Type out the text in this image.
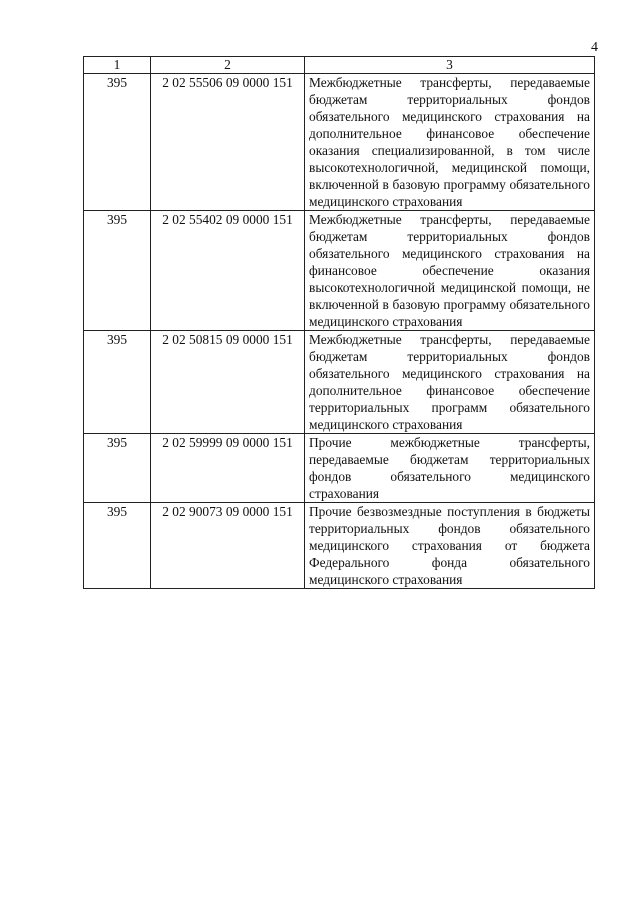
4
1	2	3
395	2 02 55506 09 0000 151	Межбюджетные трансферты, передаваемые бюджетам территориальных фондов обязательного медицинского страхования на дополнительное финансовое обеспечение оказания специализированной, в том числе высокотехнологичной, медицинской помощи, включенной в базовую программу обязательного медицинского страхования
395	2 02 55402 09 0000 151	Межбюджетные трансферты, передаваемые бюджетам территориальных фондов обязательного медицинского страхования на финансовое обеспечение оказания высокотехнологичной медицинской помощи, не включенной в базовую программу обязательного медицинского страхования
395	2 02 50815 09 0000 151	Межбюджетные трансферты, передаваемые бюджетам территориальных фондов обязательного медицинского страхования на дополнительное финансовое обеспечение территориальных программ обязательного медицинского страхования
395	2 02 59999 09 0000 151	Прочие межбюджетные трансферты, передаваемые бюджетам территориальных фондов обязательного медицинского страхования
395	2 02 90073 09 0000 151	Прочие безвозмездные поступления в бюджеты территориальных фондов обязательного медицинского страхования от бюджета Федерального фонда обязательного медицинского страхования
